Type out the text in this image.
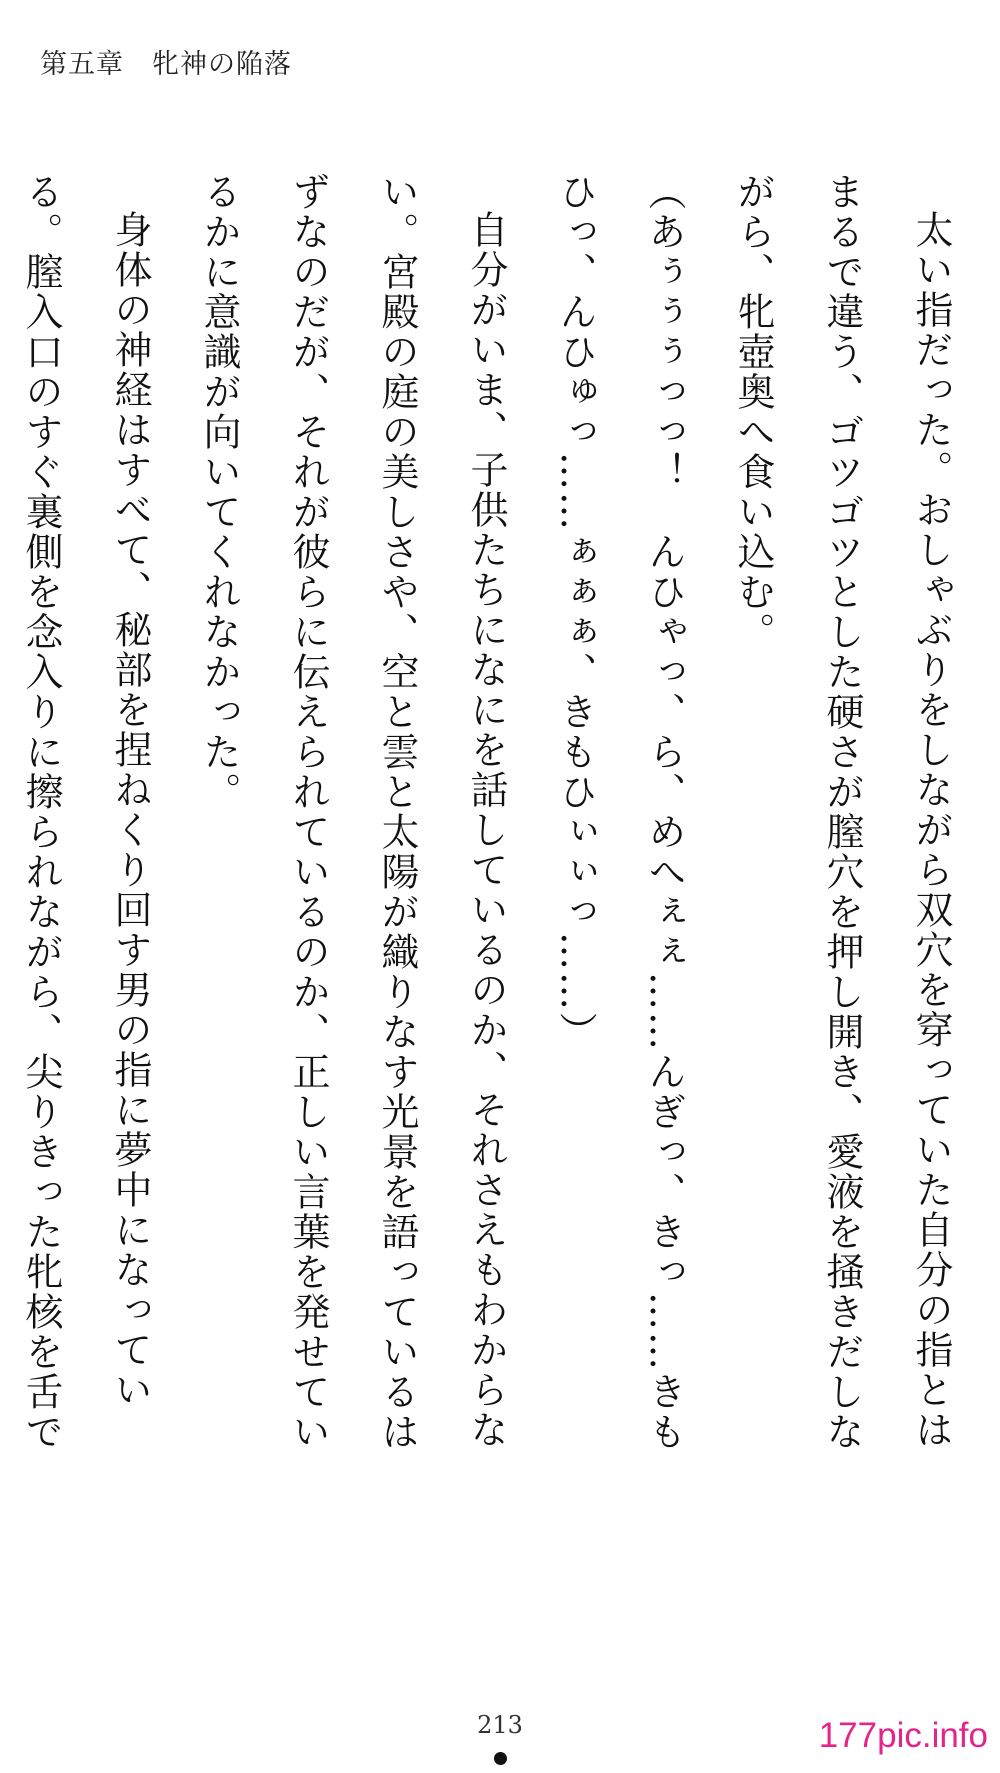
第五章　牝神の陥落

太い指だった。おしゃぶりをしながら双穴を穿っていた自分の指とはまるで違う、ゴツゴツとした硬さが膣穴を押し開き、愛液を掻きだしながら、牝壺奥へ食い込む。

（あぅぅぅっっ！　んひゃっ、ら、めへぇぇ……んぎっ、きっ……きもひっ、んひゅっ……ぁぁぁ、きもひぃぃっ……）

自分がいま、子供たちになにを話しているのか、それさえもわからない。宮殿の庭の美しさや、空と雲と太陽が織りなす光景を語っているはずなのだが、それが彼らに伝えられているのか、正しい言葉を発せているかに意識が向いてくれなかった。

身体の神経はすべて、秘部を捏ねくり回す男の指に夢中になっている。膣入口のすぐ裏側を念入りに擦られながら、尖りきった牝核を舌で

213	177pic.info
